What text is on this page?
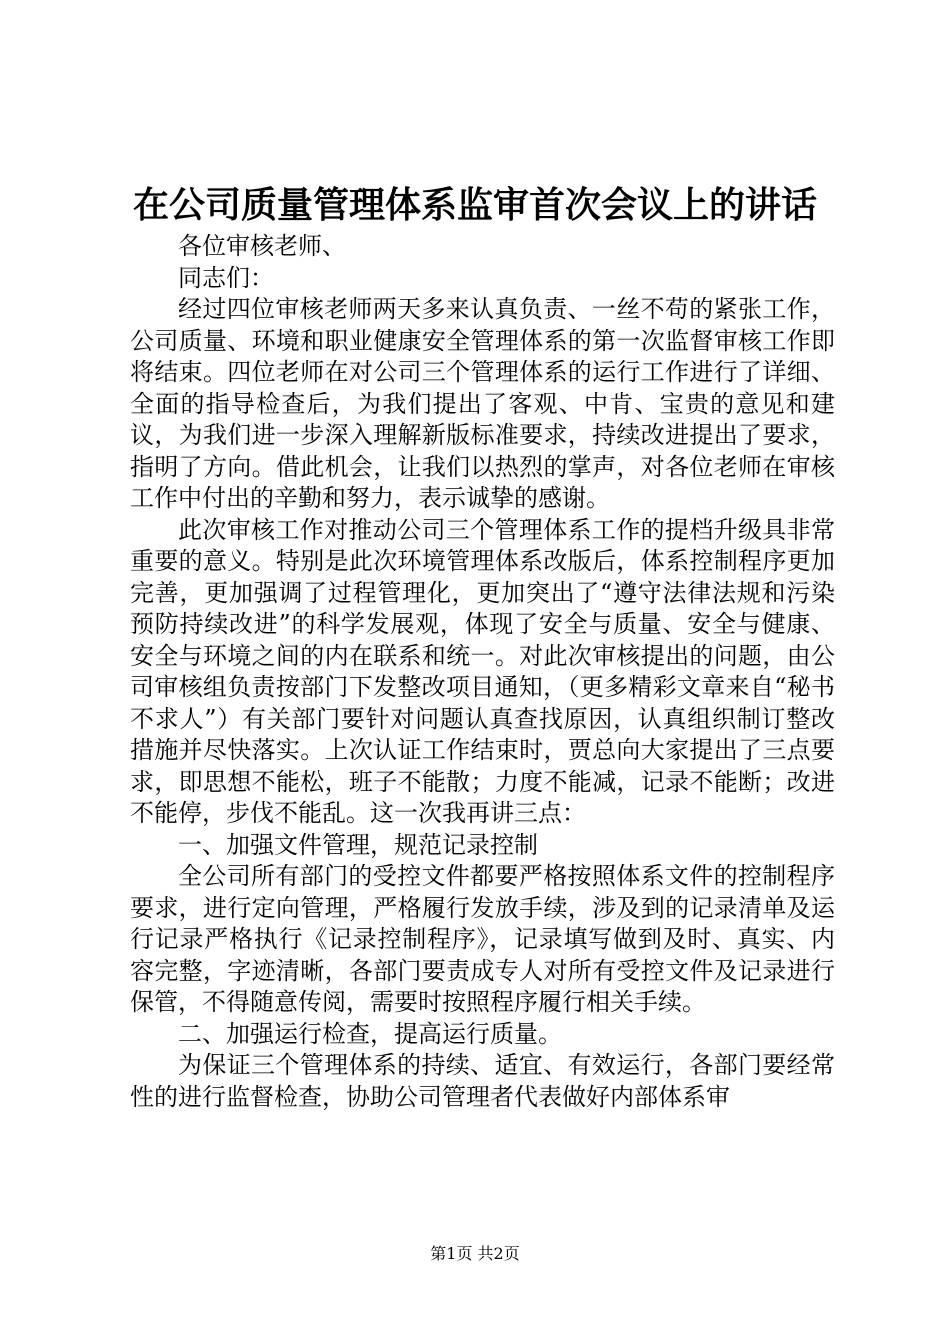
在公司质量管理体系监审首次会议上的讲话

各位审核老师、

同志们：

经过四位审核老师两天多来认真负责、一丝不苟的紧张工作，公司质量、环境和职业健康安全管理体系的第一次监督审核工作即将结束。四位老师在对公司三个管理体系的运行工作进行了详细、全面的指导检查后，为我们提出了客观、中肯、宝贵的意见和建议，为我们进一步深入理解新版标准要求，持续改进提出了要求，指明了方向。借此机会，让我们以热烈的掌声，对各位老师在审核工作中付出的辛勤和努力，表示诚挚的感谢。

此次审核工作对推动公司三个管理体系工作的提档升级具非常重要的意义。特别是此次环境管理体系改版后，体系控制程序更加完善，更加强调了过程管理化，更加突出了“遵守法律法规和污染预防持续改进”的科学发展观，体现了安全与质量、安全与健康、安全与环境之间的内在联系和统一。对此次审核提出的问题，由公司审核组负责按部门下发整改项目通知，（更多精彩文章来自“秘书不求人”）有关部门要针对问题认真查找原因，认真组织制订整改措施并尽快落实。上次认证工作结束时，贾总向大家提出了三点要求，即思想不能松，班子不能散；力度不能减，记录不能断；改进不能停，步伐不能乱。这一次我再讲三点：

一、加强文件管理，规范记录控制

全公司所有部门的受控文件都要严格按照体系文件的控制程序要求，进行定向管理，严格履行发放手续，涉及到的记录清单及运行记录严格执行《记录控制程序》，记录填写做到及时、真实、内容完整，字迹清晰，各部门要责成专人对所有受控文件及记录进行保管，不得随意传阅，需要时按照程序履行相关手续。

二、加强运行检查，提高运行质量。

为保证三个管理体系的持续、适宜、有效运行，各部门要经常性的进行监督检查，协助公司管理者代表做好内部体系审

第1页 共2页
